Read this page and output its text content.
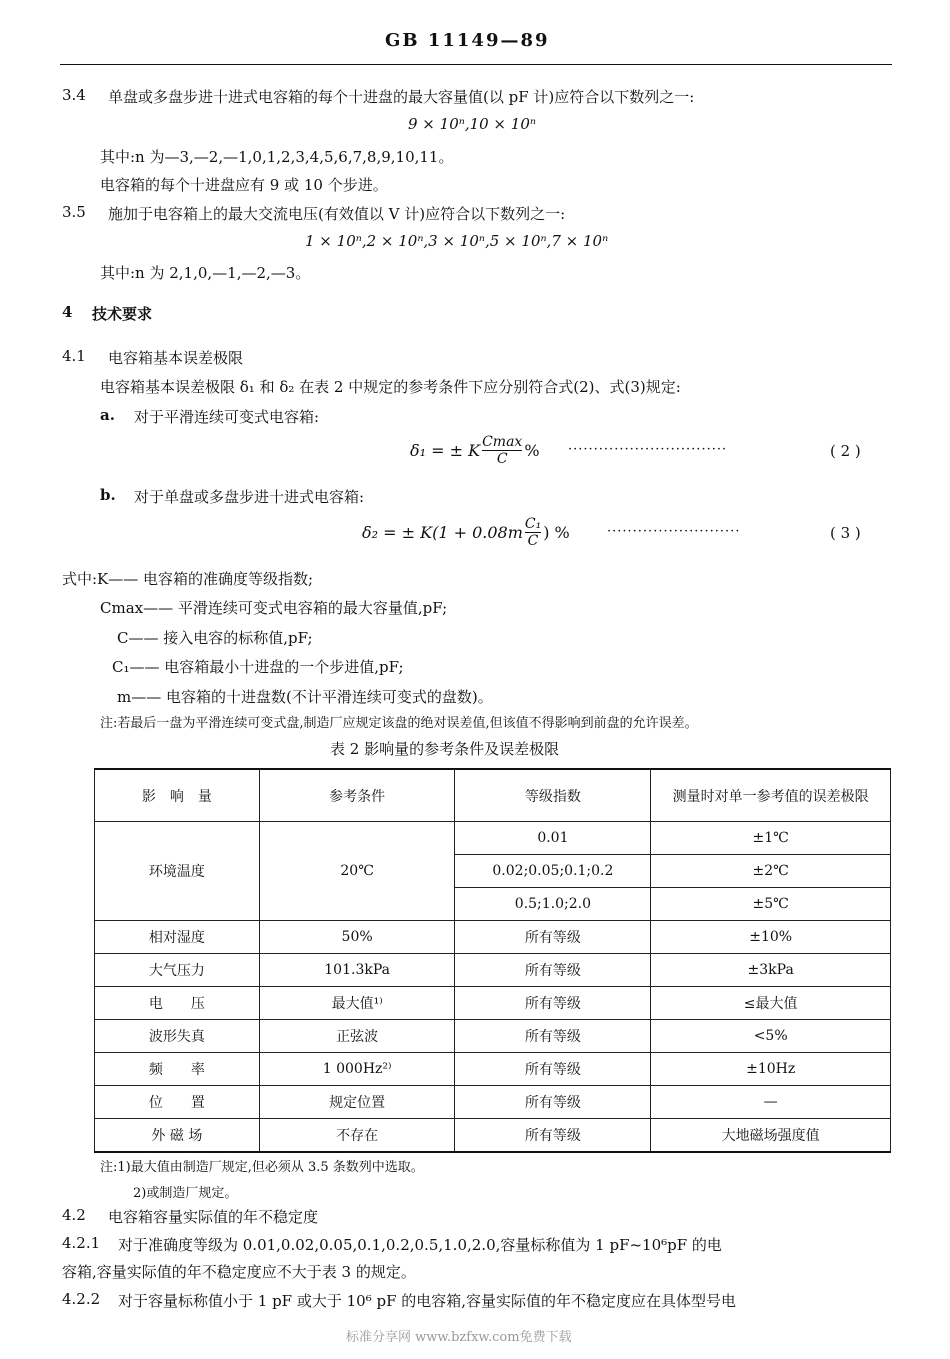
GB 11149—89
3.4 单盘或多盘步进十进式电容箱的每个十进盘的最大容量值(以 pF 计)应符合以下数列之一:
9 × 10ⁿ,10 × 10ⁿ
其中:n 为—3,—2,—1,0,1,2,3,4,5,6,7,8,9,10,11。
电容箱的每个十进盘应有 9 或 10 个步进。
3.5 施加于电容箱上的最大交流电压(有效值以 V 计)应符合以下数列之一:
1 × 10ⁿ,2 × 10ⁿ,3 × 10ⁿ,5 × 10ⁿ,7 × 10ⁿ
其中:n 为 2,1,0,—1,—2,—3。
4 技术要求
4.1 电容箱基本误差极限
电容箱基本误差极限 δ₁ 和 δ₂ 在表 2 中规定的参考条件下应分别符合式(2)、式(3)规定:
a. 对于平滑连续可变式电容箱:
δ₁ = ± K $\frac{Cmax}{C}$ % ·······························	( 2 )
b. 对于单盘或多盘步进十进式电容箱:
δ₂ = ± $K(1 + 0.08m \frac{\text{C₁}}{C}$ ) %	··························	( 3 )
式中:K—— 电容箱的准确度等级指数;
Cmax—— 平滑连续可变式电容箱的最大容量值,pF;
C—— 接入电容的标称值,pF;
C₁—— 电容箱最小十进盘的一个步进值,pF;
m—— 电容箱的十进盘数(不计平滑连续可变式的盘数)。
注:若最后一盘为平滑连续可变式盘,制造厂应规定该盘的绝对误差值,但该值不得影响到前盘的允许误差。
表 2 影响量的参考条件及误差极限
影　响　量	参考条件	等级指数	测量时对单一参考值的误差极限
环境温度	20℃	0.01	±1℃
		0.02;0.05;0.1;0.2	±2℃
		0.5;1.0;2.0	±5℃
相对湿度	50%	所有等级	±10%
大气压力	101.3kPa	所有等级	±3kPa
电　　压	最大值¹⁾	所有等级	≤最大值
波形失真	正弦波	所有等级	<5%
频　　率	1 000Hz²⁾	所有等级	±10Hz
位　　置	规定位置	所有等级	—
外 磁 场	不存在	所有等级	大地磁场强度值
注:1)最大值由制造厂规定,但必须从 3.5 条数列中选取。
2)或制造厂规定。
4.2 电容箱容量实际值的年不稳定度
4.2.1 对于准确度等级为 0.01,0.02,0.05,0.1,0.2,0.5,1.0,2.0,容量标称值为 1 pF~10⁶pF 的电
容箱,容量实际值的年不稳定度应不大于表 3 的规定。
4.2.2 对于容量标称值小于 1 pF 或大于 10⁶ pF 的电容箱,容量实际值的年不稳定度应在具体型号电
标准分享网 www.bzfxw.com免费下载
